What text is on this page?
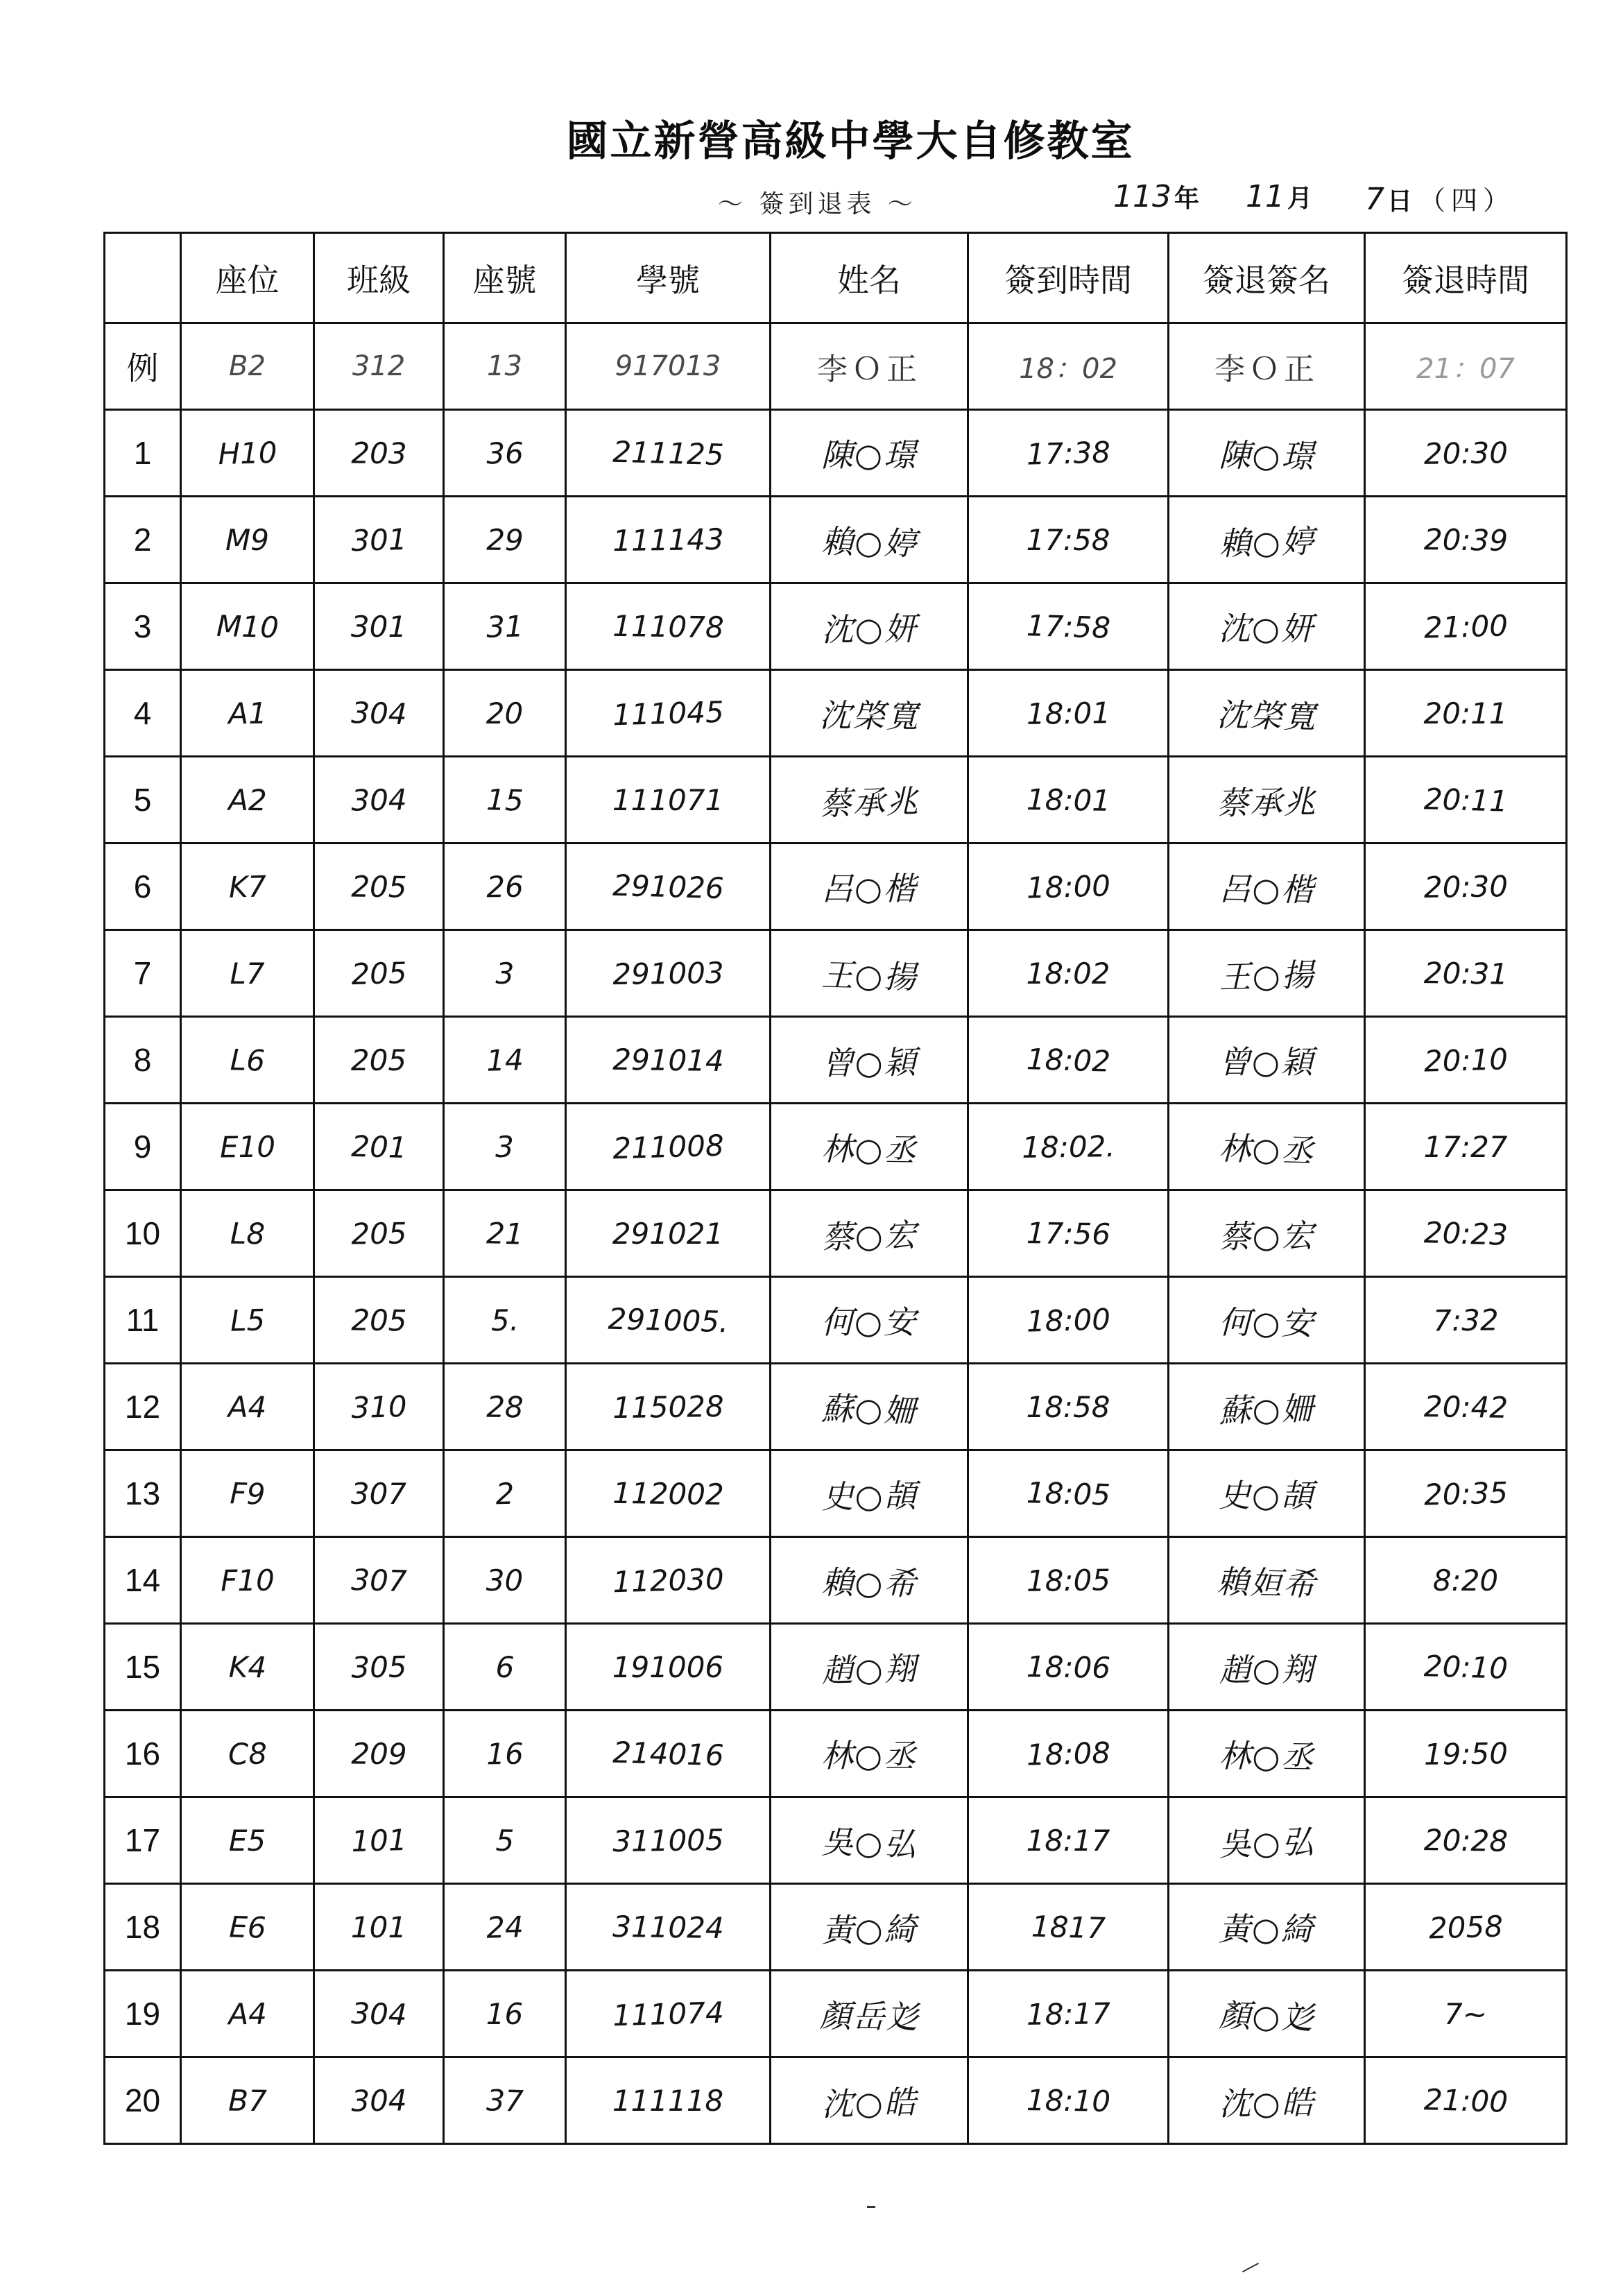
國立新營高級中學大自修教室
～ 簽到退表 ～	113 年 11 月 7 日 （四）
	座位	班級	座號	學號	姓名	簽到時間	簽退簽名	簽退時間
例	B2	312	13	917013	李Ｏ正	18：02	李Ｏ正	21：07
1	H10	203	36	211125	陳○璟	17:38	陳○璟	20:30
2	M9	301	29	111143	賴○婷	17:58	賴○婷	20:39
3	M10	301	31	111078	沈○妍	17:58	沈○妍	21:00
4	A1	304	20	111045	沈棨寬	18:01	沈棨寬	20:11
5	A2	304	15	111071	蔡承兆	18:01	蔡承兆	20:11
6	K7	205	26	291026	呂○楷	18:00	呂○楷	20:30
7	L7	205	3	291003	王○揚	18:02	王○揚	20:31
8	L6	205	14	291014	曾○穎	18:02	曾○穎	20:10
9	E10	201	3	211008	林○丞	18:02.	林○丞	17:27
10	L8	205	21	291021	蔡○宏	17:56	蔡○宏	20:23
11	L5	205	5.	291005.	何○安	18:00	何○安	7:32
12	A4	310	28	115028	蘇○姍	18:58	蘇○姍	20:42
13	F9	307	2	112002	史○頡	18:05	史○頡	20:35
14	F10	307	30	112030	賴○希	18:05	賴姮希	8:20
15	K4	305	6	191006	趙○翔	18:06	趙○翔	20:10
16	C8	209	16	214016	林○丞	18:08	林○丞	19:50
17	E5	101	5	311005	吳○弘	18:17	吳○弘	20:28
18	E6	101	24	311024	黃○綺	1817	黃○綺	2058
19	A4	304	16	111074	顏岳彣	18:17	顏○彣	7~
20	B7	304	37	111118	沈○皓	18:10	沈○皓	21:00
